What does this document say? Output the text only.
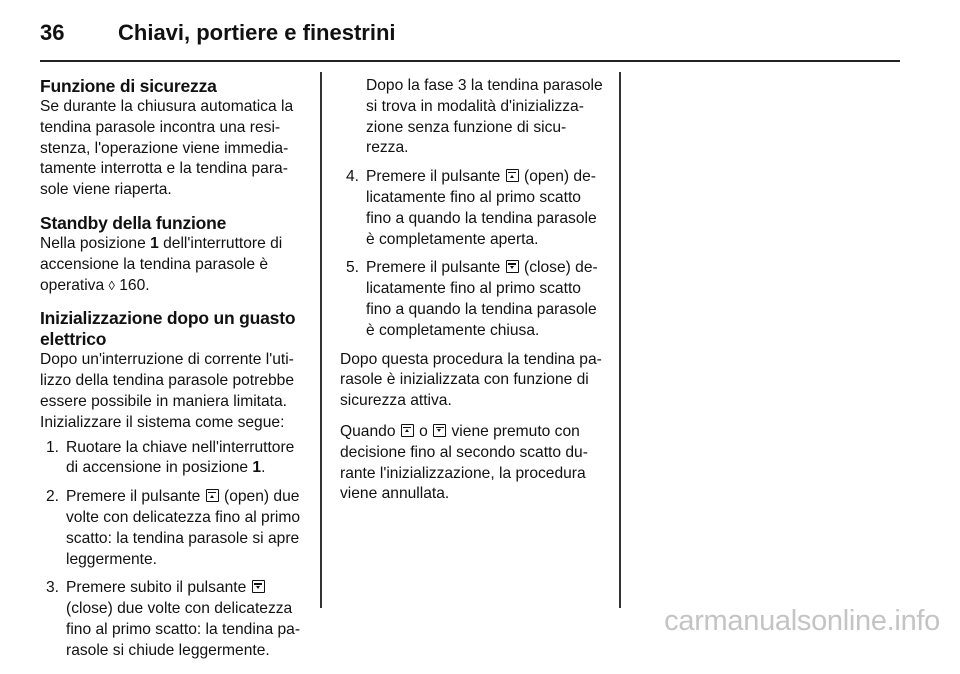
36 Chiavi, portiere e finestrini
Funzione di sicurezza

Se durante la chiusura automatica la tendina parasole incontra una resi-stenza, l'operazione viene immedia-tamente interrotta e la tendina para-sole viene riaperta.

Standby della funzione

Nella posizione 1 dell'interruttore di accensione la tendina parasole è operativa ◊ 160.

Inizializzazione dopo un guasto elettrico

Dopo un'interruzione di corrente l'uti-lizzo della tendina parasole potrebbe essere possibile in maniera limitata. Inizializzare il sistema come segue:

1. Ruotare la chiave nell'interruttore di accensione in posizione 1.
2. Premere il pulsante  (open) due volte con delicatezza fino al primo scatto: la tendina parasole si apre leggermente.
3. Premere subito il pulsante  (close) due volte con delicatezza fino al primo scatto: la tendina pa-rasole si chiude leggermente.
Dopo la fase 3 la tendina parasole si trova in modalità d'inizializza-zione senza funzione di sicu-rezza.
4. Premere il pulsante  (open) de-licatamente fino al primo scatto fino a quando la tendina parasole è completamente aperta.
5. Premere il pulsante  (close) de-licatamente fino al primo scatto fino a quando la tendina parasole è completamente chiusa.

Dopo questa procedura la tendina pa-rasole è inizializzata con funzione di sicurezza attiva.

Quando  o  viene premuto con decisione fino al secondo scatto du-rante l'inizializzazione, la procedura viene annullata.

carmanualsonline.info
